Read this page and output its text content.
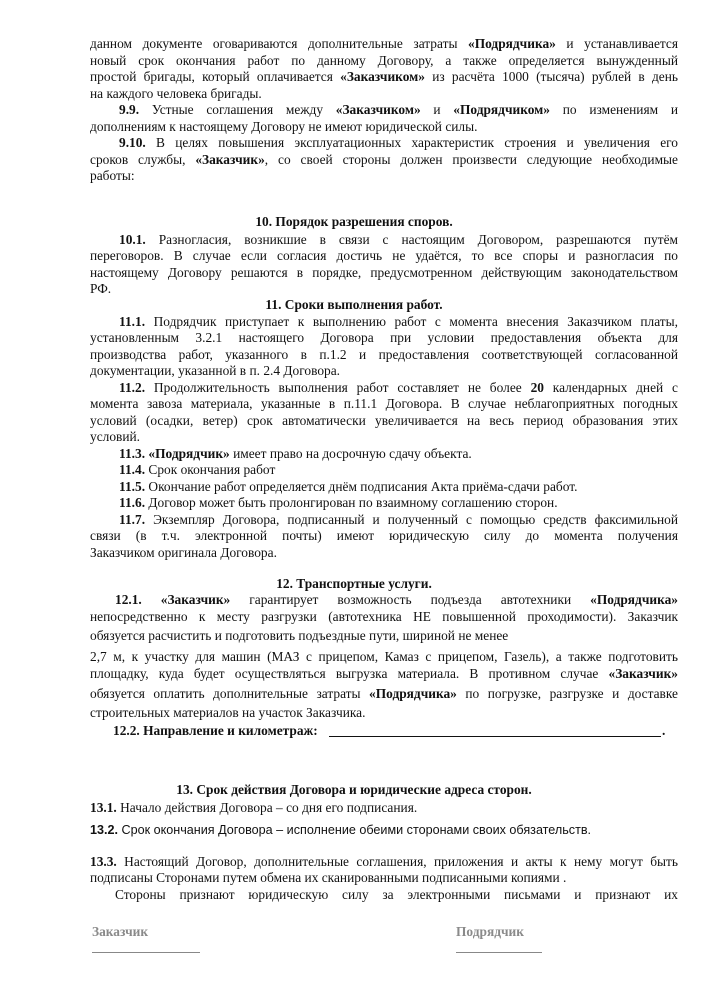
данном документе оговариваются дополнительные затраты «Подрядчика» и устанавливается
новый срок окончания работ по данному Договору, а также определяется вынужденный
простой бригады, который оплачивается «Заказчиком» из расчёта 1000 (тысяча) рублей в день
на каждого человека бригады.
9.9. Устные соглашения между «Заказчиком» и «Подрядчиком» по изменениям и
дополнениям к настоящему Договору не имеют юридической силы.
9.10. В целях повышения эксплуатационных характеристик строения и увеличения его
сроков службы, «Заказчик», со своей стороны должен произвести следующие необходимые
работы:
10. Порядок разрешения споров.
10.1. Разногласия, возникшие в связи с настоящим Договором, разрешаются путём
переговоров. В случае если согласия достичь не удаётся, то все споры и разногласия по
настоящему Договору решаются в порядке, предусмотренном действующим законодательством
РФ.
11. Сроки выполнения работ.
11.1. Подрядчик приступает к выполнению работ с момента внесения Заказчиком платы,
установленным 3.2.1 настоящего Договора при условии предоставления объекта для
производства работ, указанного в п.1.2 и предоставления соответствующей согласованной
документации, указанной в п. 2.4 Договора.
11.2. Продолжительность выполнения работ составляет не более 20 календарных дней с
момента завоза материала, указанные в п.11.1 Договора. В случае неблагоприятных погодных
условий (осадки, ветер) срок автоматически увеличивается на весь период образования этих
условий.
11.3. «Подрядчик» имеет право на досрочную сдачу объекта.
11.4. Срок окончания работ
11.5. Окончание работ определяется днём подписания Акта приёма-сдачи работ.
11.6. Договор может быть пролонгирован по взаимному соглашению сторон.
11.7. Экземпляр Договора, подписанный и полученный с помощью средств факсимильной
связи (в т.ч. электронной почты) имеют юридическую силу до момента получения
Заказчиком оригинала Договора.
12. Транспортные услуги.
12.1. «Заказчик» гарантирует возможность подъезда автотехники «Подрядчика»
непосредственно к месту разгрузки (автотехника НЕ повышенной проходимости). Заказчик
обязуется расчистить и подготовить подъездные пути, шириной не менее
2,7 м, к участку для машин (МАЗ с прицепом, Камаз с прицепом, Газель), а также подготовить
площадку, куда будет осуществляться выгрузка материала. В противном случае «Заказчик»
обязуется оплатить дополнительные затраты «Подрядчика» по погрузке, разгрузке и доставке
строительных материалов на участок Заказчика.
12.2. Направление и километраж:	.
13. Срок действия Договора и юридические адреса сторон.
13.1. Начало действия Договора – со дня его подписания.
13.2. Срок окончания Договора – исполнение обеими сторонами своих обязательств.
13.3. Настоящий Договор, дополнительные соглашения, приложения и акты к нему могут быть
подписаны Сторонами путем обмена их сканированными подписанными копиями .
Стороны признают юридическую силу за электронными письмами и признают их
Заказчик	Подрядчик
